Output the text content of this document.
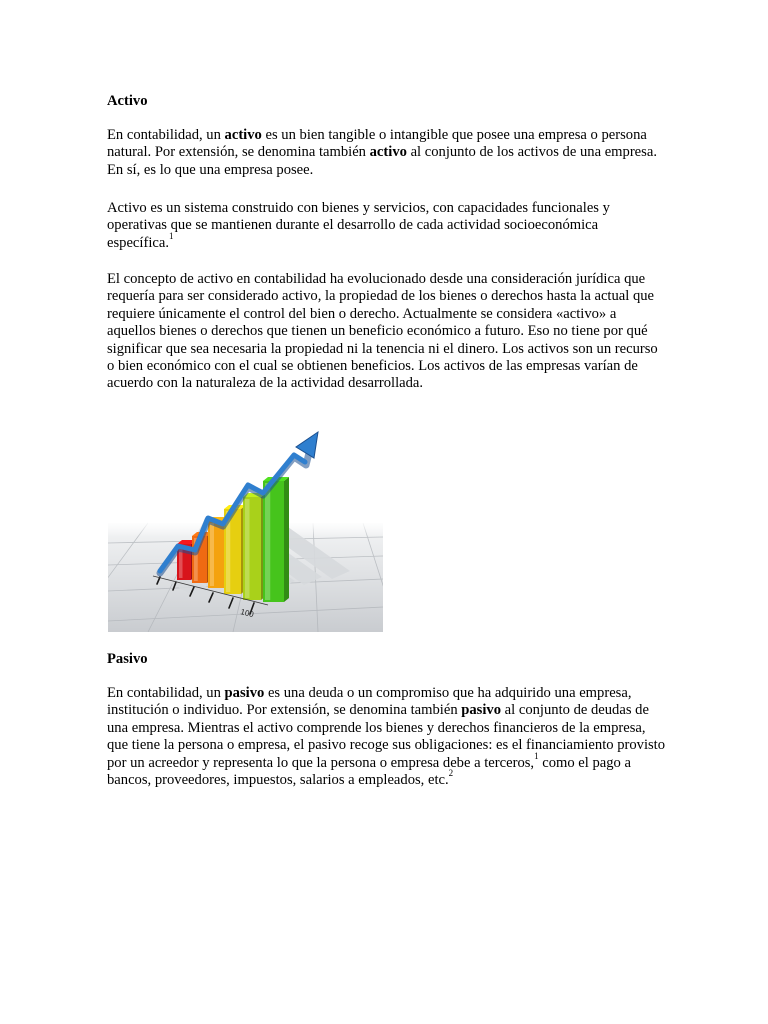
Activo

En contabilidad, un activo es un bien tangible o intangible que posee una empresa o persona natural. Por extensión, se denomina también activo al conjunto de los activos de una empresa. En sí, es lo que una empresa posee.

Activo es un sistema construido con bienes y servicios, con capacidades funcionales y operativas que se mantienen durante el desarrollo de cada actividad socioeconómica específica.$^1$

El concepto de activo en contabilidad ha evolucionado desde una consideración jurídica que requería para ser considerado activo, la propiedad de los bienes o derechos hasta la actual que requiere únicamente el control del bien o derecho. Actualmente se considera «activo» a aquellos bienes o derechos que tienen un beneficio económico a futuro. Eso no tiene por qué significar que sea necesaria la propiedad ni la tenencia ni el dinero. Los activos son un recurso o bien económico con el cual se obtienen beneficios. Los activos de las empresas varían de acuerdo con la naturaleza de la actividad desarrollada.

100
Pasivo

En contabilidad, un pasivo es una deuda o un compromiso que ha adquirido una empresa, institución o individuo. Por extensión, se denomina también pasivo al conjunto de deudas de una empresa. Mientras el activo comprende los bienes y derechos financieros de la empresa, que tiene la persona o empresa, el pasivo recoge sus obligaciones: es el financiamiento provisto por un acreedor y representa lo que la persona o empresa debe a terceros,$^1$ como el pago a bancos, proveedores, impuestos, salarios a empleados, etc.$^2$
